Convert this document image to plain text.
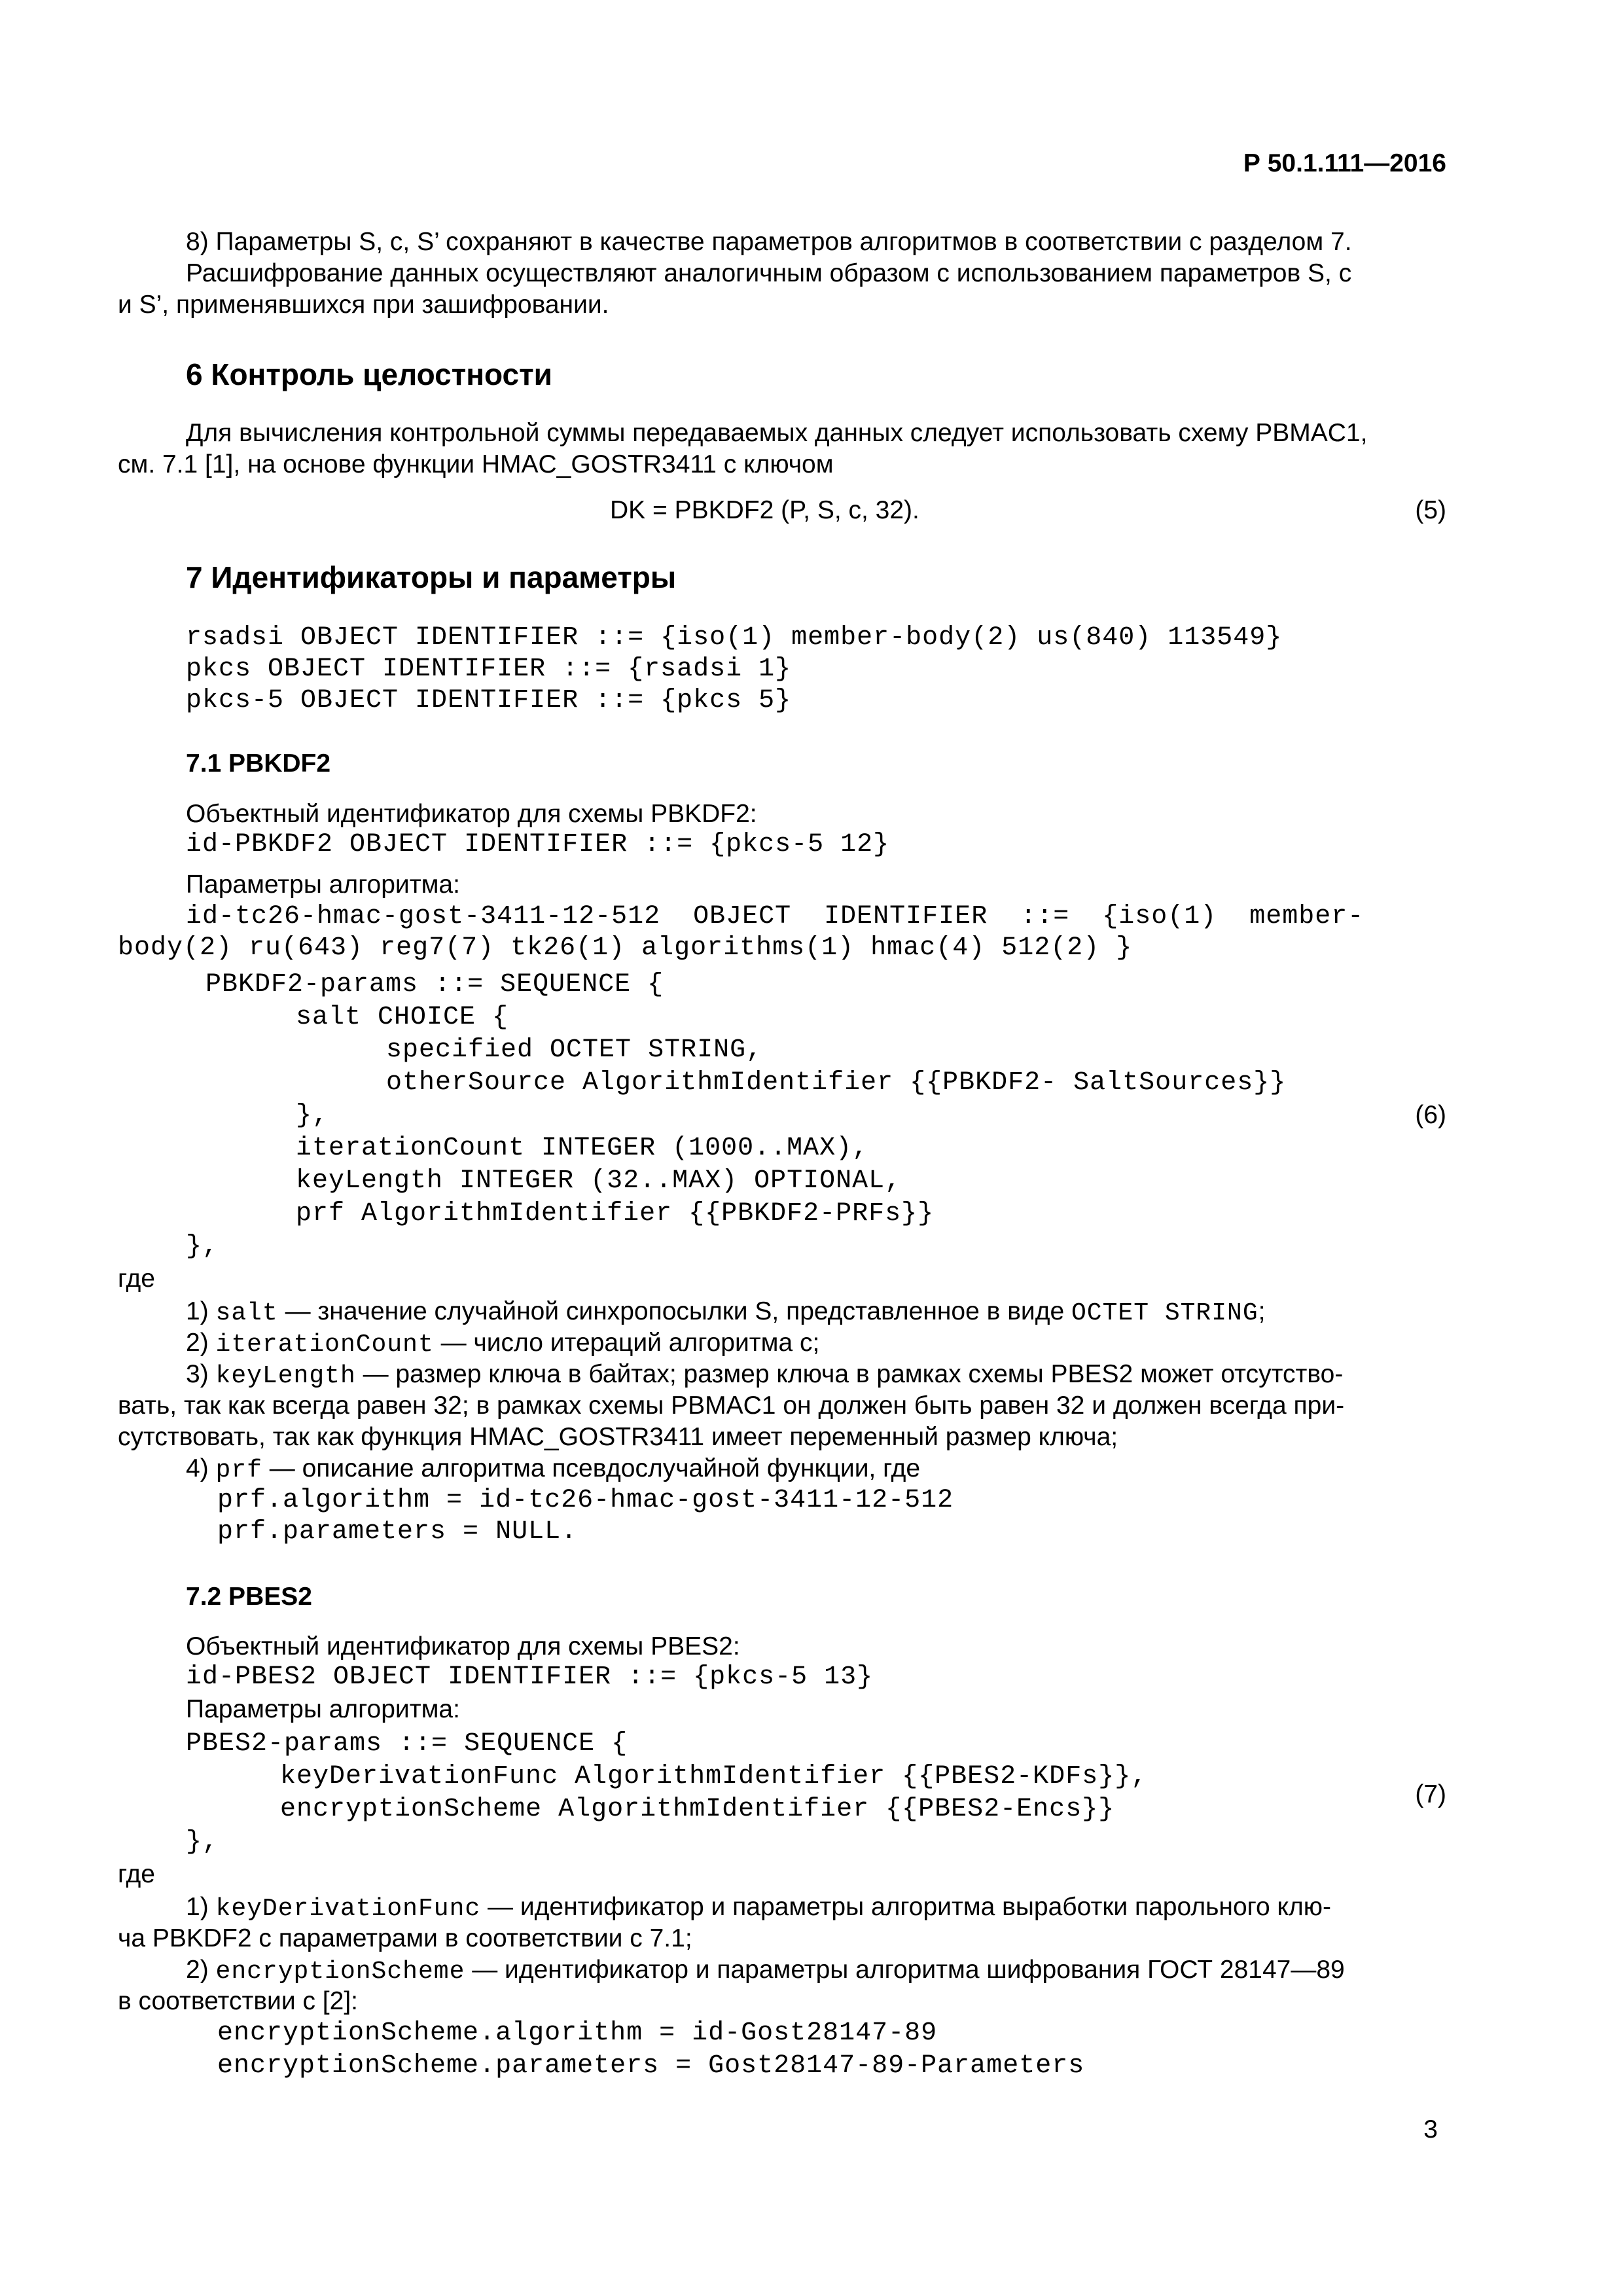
Р 50.1.111—2016
8) Параметры S, c, S’ сохраняют в качестве параметров алгоритмов в соответствии с разделом 7.
Расшифрование данных осуществляют аналогичным образом с использованием параметров S, c
и S’, применявшихся при зашифровании.
6 Контроль целостности
Для вычисления контрольной суммы передаваемых данных следует использовать схему PBMAC1,
см. 7.1 [1], на основе функции HMAC_GOSTR3411 с ключом
DK = PBKDF2 (P, S, c, 32).	(5)
7 Идентификаторы и параметры
rsadsi OBJECT IDENTIFIER ::= {iso(1) member-body(2) us(840) 113549}
pkcs OBJECT IDENTIFIER ::= {rsadsi 1}
pkcs-5 OBJECT IDENTIFIER ::= {pkcs 5}
7.1 PBKDF2
Объектный идентификатор для схемы PBKDF2:
id-PBKDF2 OBJECT IDENTIFIER ::= {pkcs-5 12}
Параметры алгоритма:
id-tc26-hmac-gost-3411-12-512  OBJECT  IDENTIFIER  ::=  {iso(1)  member-
body(2) ru(643) reg7(7) tk26(1) algorithms(1) hmac(4) 512(2) }
PBKDF2-params ::= SEQUENCE {
salt CHOICE {
specified OCTET STRING,
otherSource AlgorithmIdentifier {{PBKDF2- SaltSources}}
},	(6)
iterationCount INTEGER (1000..MAX),
keyLength INTEGER (32..MAX) OPTIONAL,
prf AlgorithmIdentifier {{PBKDF2-PRFs}}
},
где
1) salt — значение случайной синхропосылки S, представленное в виде OCTET STRING;
2) iterationCount — число итераций алгоритма c;
3) keyLength — размер ключа в байтах; размер ключа в рамках схемы PBES2 может отсутство-
вать, так как всегда равен 32; в рамках схемы PBMAC1 он должен быть равен 32 и должен всегда при-
сутствовать, так как функция HMAC_GOSTR3411 имеет переменный размер ключа;
4) prf — описание алгоритма псевдослучайной функции, где
prf.algorithm = id-tc26-hmac-gost-3411-12-512
prf.parameters = NULL.
7.2 PBES2
Объектный идентификатор для схемы PBES2:
id-PBES2 OBJECT IDENTIFIER ::= {pkcs-5 13}
Параметры алгоритма:
PBES2-params ::= SEQUENCE {
keyDerivationFunc AlgorithmIdentifier {{PBES2-KDFs}},
encryptionScheme AlgorithmIdentifier {{PBES2-Encs}}
(7)
},
где
1) keyDerivationFunc — идентификатор и параметры алгоритма выработки парольного клю-
ча PBKDF2 с параметрами в соответствии с 7.1;
2) encryptionScheme — идентификатор и параметры алгоритма шифрования ГОСТ 28147—89
в соответствии с [2]:
encryptionScheme.algorithm = id-Gost28147-89
encryptionScheme.parameters = Gost28147-89-Parameters
3
